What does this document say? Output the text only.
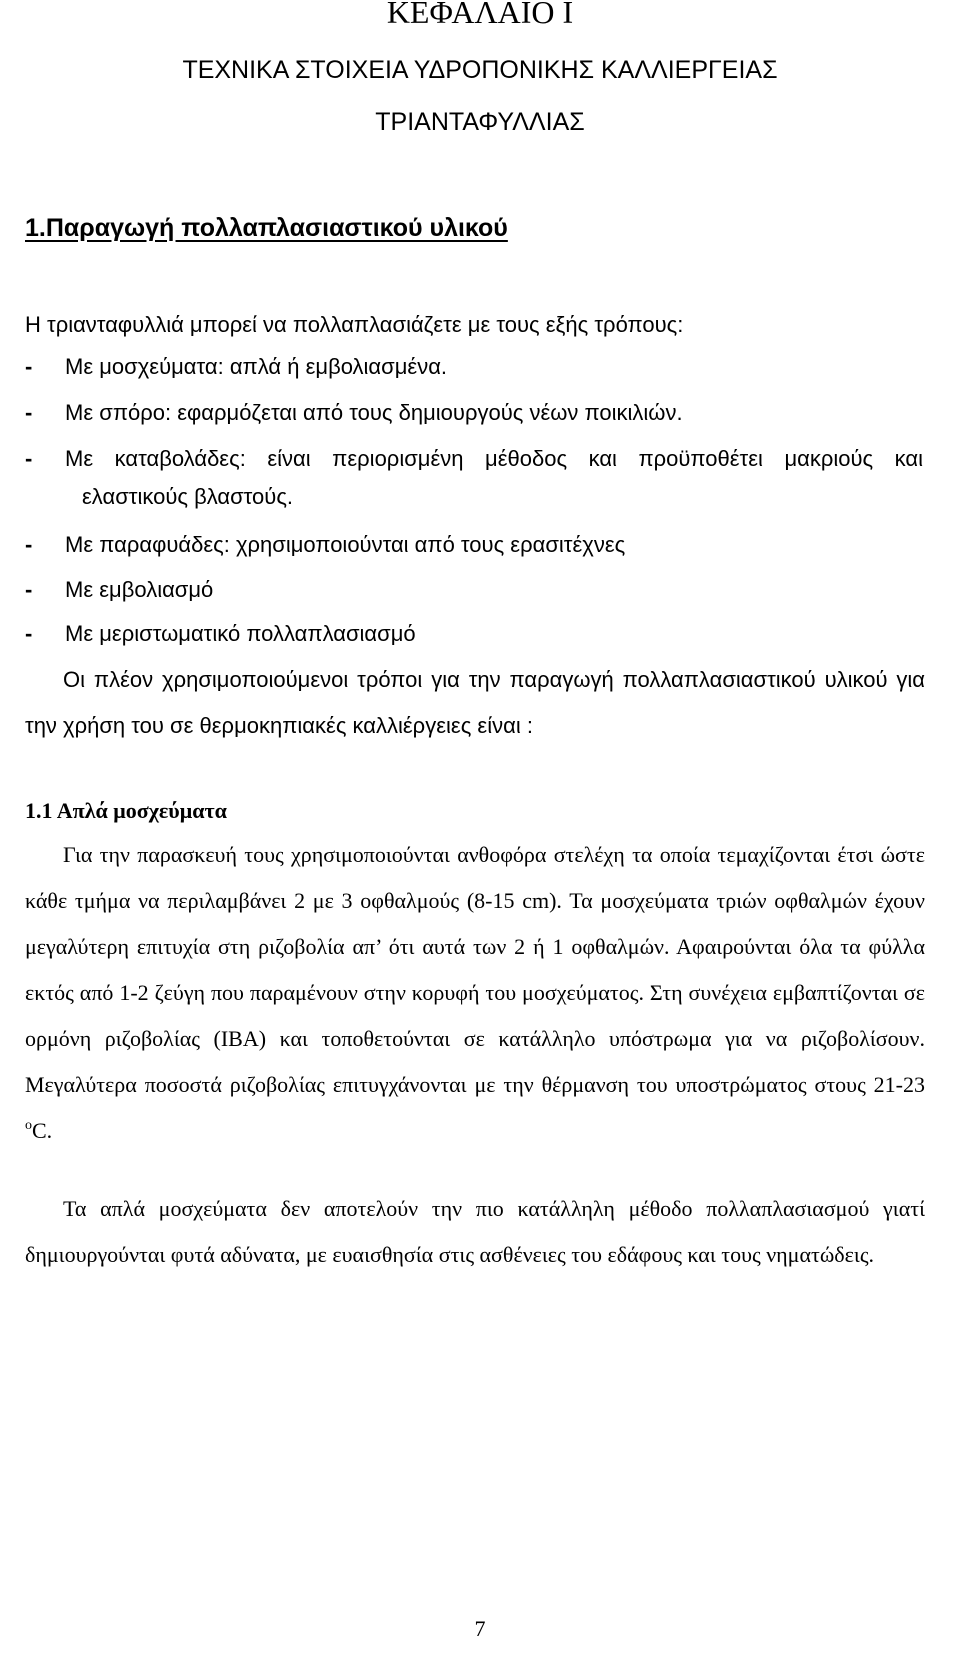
ΚΕΦΑΛΑΙΟ Ι
ΤΕΧΝΙΚΑ ΣΤΟΙΧΕΙΑ ΥΔΡΟΠΟΝΙΚΗΣ ΚΑΛΛΙΕΡΓΕΙΑΣ
ΤΡΙΑΝΤΑΦΥΛΛΙΑΣ
1.Παραγωγή πολλαπλασιαστικού υλικού
Η τριανταφυλλιά μπορεί να πολλαπλασιάζετε με τους εξής τρόπους:
- Με μοσχεύματα: απλά ή εμβολιασμένα.
- Με σπόρο: εφαρμόζεται από τους δημιουργούς νέων ποικιλιών.
- Με καταβολάδες: είναι περιορισμένη μέθοδος και προϋποθέτει μακριούς και
ελαστικούς βλαστούς.
- Με παραφυάδες: χρησιμοποιούνται από τους ερασιτέχνες
- Με εμβολιασμό
- Με μεριστωματικό πολλαπλασιασμό
Οι πλέον χρησιμοποιούμενοι τρόποι για την παραγωγή πολλαπλασιαστικού υλικού για την χρήση του σε θερμοκηπιακές καλλιέργειες είναι :
1.1 Απλά μοσχεύματα
Για την παρασκευή τους χρησιμοποιούνται ανθοφόρα στελέχη τα οποία τεμαχίζονται έτσι ώστε κάθε τμήμα να περιλαμβάνει 2 με 3 οφθαλμούς (8-15 cm). Τα μοσχεύματα τριών οφθαλμών έχουν μεγαλύτερη επιτυχία στη ριζοβολία απ’ ότι αυτά των 2 ή 1 οφθαλμών. Αφαιρούνται όλα τα φύλλα εκτός από 1-2 ζεύγη που παραμένουν στην κορυφή του μοσχεύματος. Στη συνέχεια εμβαπτίζονται σε ορμόνη ριζοβολίας (IBA) και τοποθετούνται σε κατάλληλο υπόστρωμα για να ριζοβολίσουν. Μεγαλύτερα ποσοστά ριζοβολίας επιτυγχάνονται με την θέρμανση του υποστρώματος στους 21-23 $^o$C.
Τα απλά μοσχεύματα δεν αποτελούν την πιο κατάλληλη μέθοδο πολλαπλασιασμού γιατί δημιουργούνται φυτά αδύνατα, με ευαισθησία στις ασθένειες του εδάφους και τους νηματώδεις.
7
